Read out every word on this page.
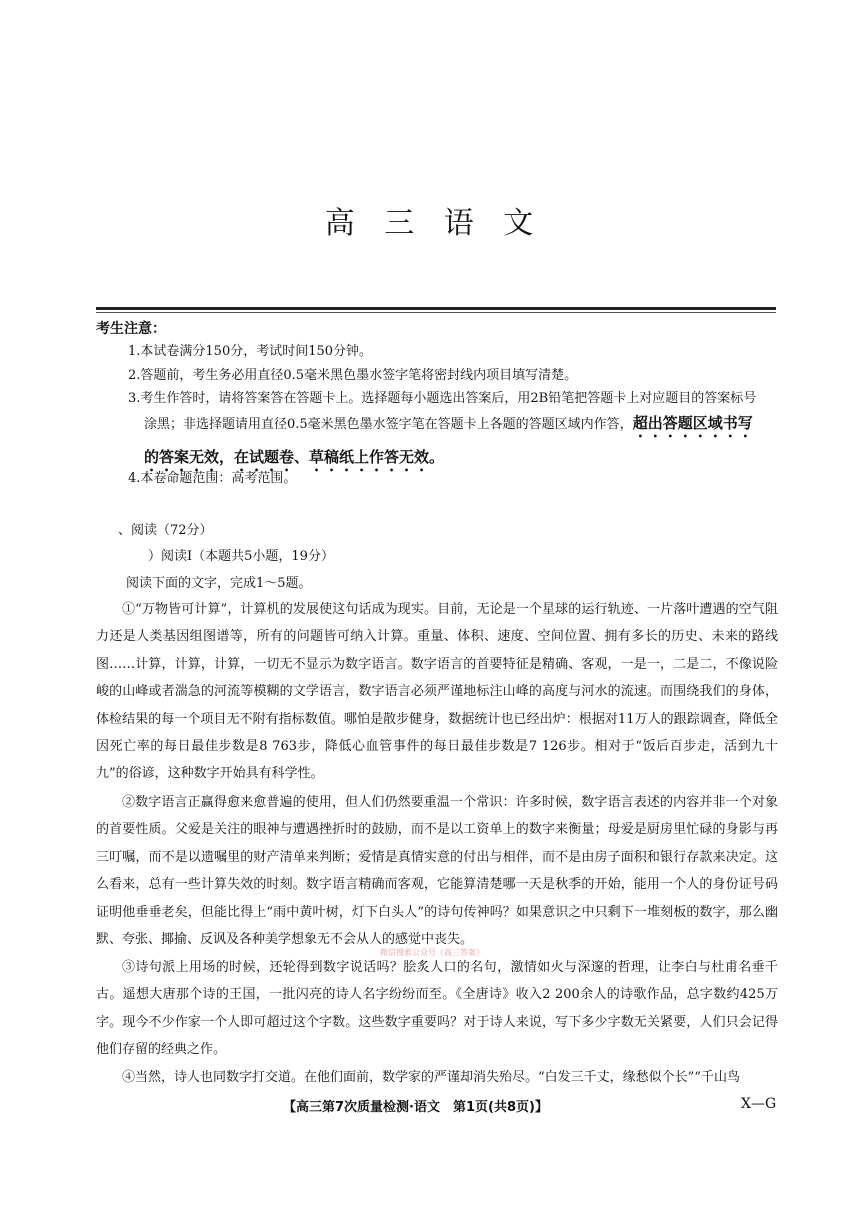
高 三 语 文
考生注意：
1.本试卷满分150分，考试时间150分钟。
2.答题前，考生务必用直径0.5毫米黑色墨水签字笔将密封线内项目填写清楚。
3.考生作答时，请将答案答在答题卡上。选择题每小题选出答案后，用2B铅笔把答题卡上对应题目的答案标号
涂黑；非选择题请用直径0.5毫米黑色墨水签字笔在答题卡上各题的答题区域内作答，超出答题区域书写
的答案无效，在试题卷、草稿纸上作答无效。
4.本卷命题范围：高考范围。
、阅读（72分）
）阅读Ⅰ（本题共5小题，19分）
阅读下面的文字，完成1～5题。

①“万物皆可计算”，计算机的发展使这句话成为现实。目前，无论是一个星球的运行轨迹、一片落叶遭遇的空气阻力还是人类基因组图谱等，所有的问题皆可纳入计算。重量、体积、速度、空间位置、拥有多长的历史、未来的路线图……计算，计算，计算，一切无不显示为数字语言。数字语言的首要特征是精确、客观，一是一，二是二，不像说险峻的山峰或者湍急的河流等模糊的文学语言，数字语言必须严谨地标注山峰的高度与河水的流速。而围绕我们的身体，体检结果的每一个项目无不附有指标数值。哪怕是散步健身，数据统计也已经出炉：根据对11万人的跟踪调查，降低全因死亡率的每日最佳步数是8 763步，降低心血管事件的每日最佳步数是7 126步。相对于“饭后百步走，活到九十九”的俗谚，这种数字开始具有科学性。

②数字语言正赢得愈来愈普遍的使用，但人们仍然要重温一个常识：许多时候，数字语言表述的内容并非一个对象的首要性质。父爱是关注的眼神与遭遇挫折时的鼓励，而不是以工资单上的数字来衡量；母爱是厨房里忙碌的身影与再三叮嘱，而不是以遗嘱里的财产清单来判断；爱情是真情实意的付出与相伴，而不是由房子面积和银行存款来决定。这么看来，总有一些计算失效的时刻。数字语言精确而客观，它能算清楚哪一天是秋季的开始，能用一个人的身份证号码证明他垂垂老矣，但能比得上“雨中黄叶树，灯下白头人”的诗句传神吗？如果意识之中只剩下一堆刻板的数字，那么幽默、夸张、揶揄、反讽及各种美学想象无不会从人的感觉中丧失。

③诗句派上用场的时候，还轮得到数字说话吗？脍炙人口的名句，激情如火与深邃的哲理，让李白与杜甫名垂千古。遥想大唐那个诗的王国，一批闪亮的诗人名字纷纷而至。《全唐诗》收入2 200余人的诗歌作品，总字数约425万字。现今不少作家一个人即可超过这个字数。这些数字重要吗？对于诗人来说，写下多少字数无关紧要，人们只会记得他们存留的经典之作。

④当然，诗人也同数字打交道。在他们面前，数学家的严谨却消失殆尽。“白发三千丈，缘愁似个长”“千山鸟

微信搜索公众号《高三答案》
【高三第7次质量检测·语文　第1页(共8页)】	X—G
